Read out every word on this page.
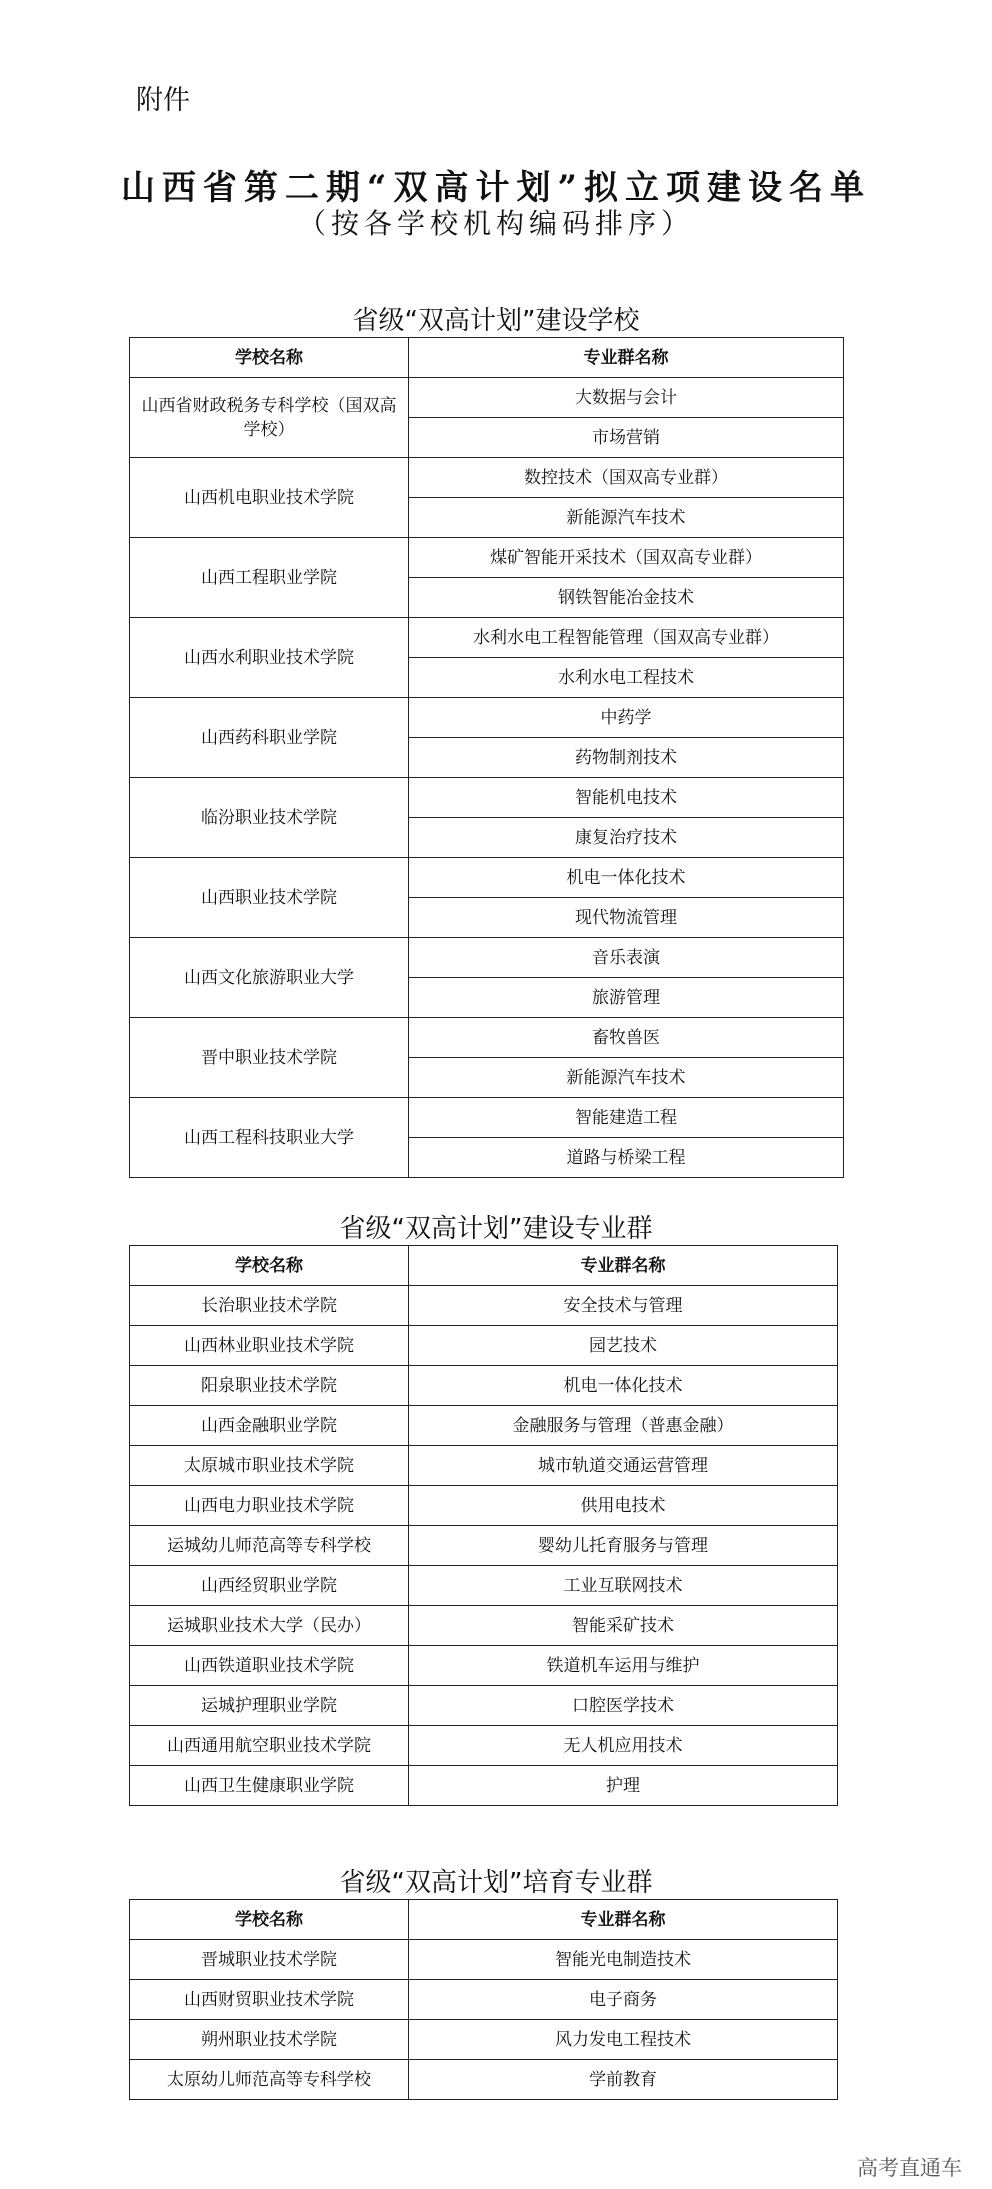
附件
山西省第二期“双高计划”拟立项建设名单
（按各学校机构编码排序）
省级“双高计划”建设学校
学校名称	专业群名称
山西省财政税务专科学校（国双高学校）	大数据与会计
	市场营销
山西机电职业技术学院	数控技术（国双高专业群）
	新能源汽车技术
山西工程职业学院	煤矿智能开采技术（国双高专业群）
	钢铁智能冶金技术
山西水利职业技术学院	水利水电工程智能管理（国双高专业群）
	水利水电工程技术
山西药科职业学院	中药学
	药物制剂技术
临汾职业技术学院	智能机电技术
	康复治疗技术
山西职业技术学院	机电一体化技术
	现代物流管理
山西文化旅游职业大学	音乐表演
	旅游管理
晋中职业技术学院	畜牧兽医
	新能源汽车技术
山西工程科技职业大学	智能建造工程
	道路与桥梁工程
省级“双高计划”建设专业群
学校名称	专业群名称
长治职业技术学院	安全技术与管理
山西林业职业技术学院	园艺技术
阳泉职业技术学院	机电一体化技术
山西金融职业学院	金融服务与管理（普惠金融）
太原城市职业技术学院	城市轨道交通运营管理
山西电力职业技术学院	供用电技术
运城幼儿师范高等专科学校	婴幼儿托育服务与管理
山西经贸职业学院	工业互联网技术
运城职业技术大学（民办）	智能采矿技术
山西铁道职业技术学院	铁道机车运用与维护
运城护理职业学院	口腔医学技术
山西通用航空职业技术学院	无人机应用技术
山西卫生健康职业学院	护理
省级“双高计划”培育专业群
学校名称	专业群名称
晋城职业技术学院	智能光电制造技术
山西财贸职业技术学院	电子商务
朔州职业技术学院	风力发电工程技术
太原幼儿师范高等专科学校	学前教育
高考直通车
